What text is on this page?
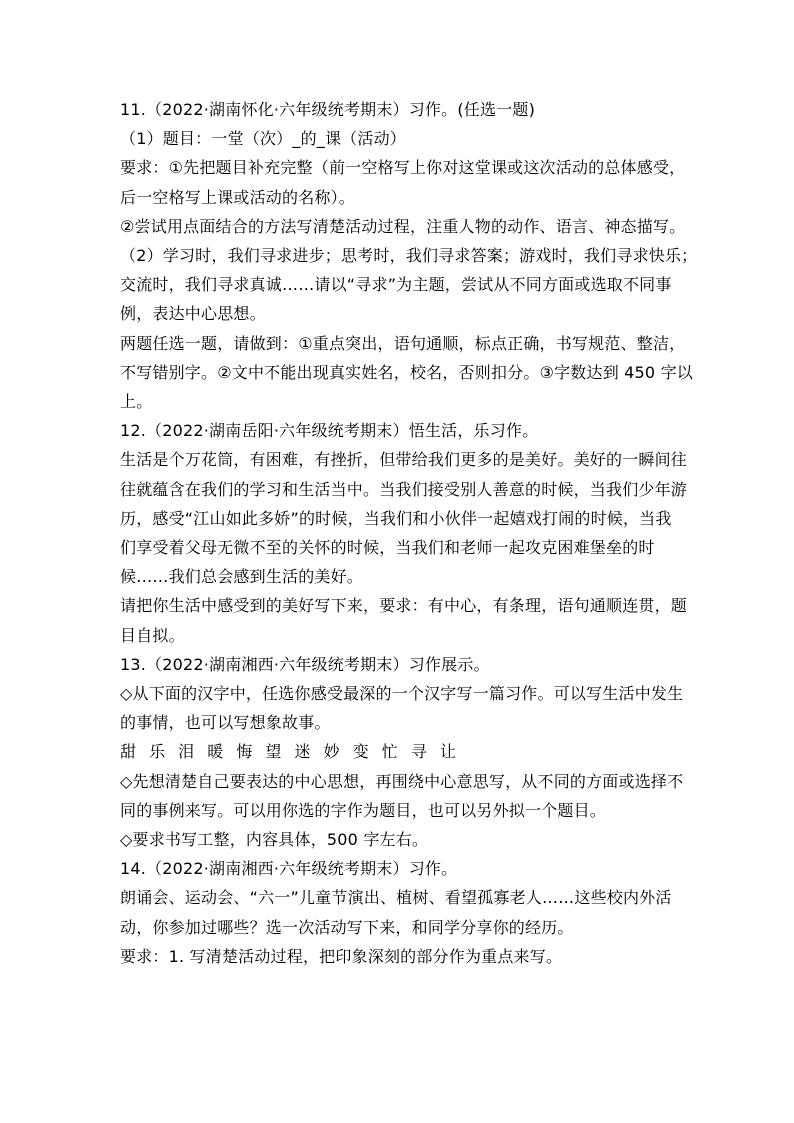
11.（2022·湖南怀化·六年级统考期末）习作。(任选一题)
（1）题目：一堂（次）_的_课（活动）
要求：①先把题目补充完整（前一空格写上你对这堂课或这次活动的总体感受，
后一空格写上课或活动的名称）。
②尝试用点面结合的方法写清楚活动过程，注重人物的动作、语言、神态描写。
（2）学习时，我们寻求进步；思考时，我们寻求答案；游戏时，我们寻求快乐；
交流时，我们寻求真诚……请以“寻求”为主题，尝试从不同方面或选取不同事
例，表达中心思想。
两题任选一题，请做到：①重点突出，语句通顺，标点正确，书写规范、整洁，
不写错别字。②文中不能出现真实姓名，校名，否则扣分。③字数达到 450 字以
上。
12.（2022·湖南岳阳·六年级统考期末）悟生活，乐习作。
生活是个万花筒，有困难，有挫折，但带给我们更多的是美好。美好的一瞬间往
往就蕴含在我们的学习和生活当中。当我们接受别人善意的时候，当我们少年游
历，感受“江山如此多娇”的时候，当我们和小伙伴一起嬉戏打闹的时候，当我
们享受着父母无微不至的关怀的时候，当我们和老师一起攻克困难堡垒的时
候……我们总会感到生活的美好。
请把你生活中感受到的美好写下来，要求：有中心，有条理，语句通顺连贯，题
目自拟。
13.（2022·湖南湘西·六年级统考期末）习作展示。
◇从下面的汉字中，任选你感受最深的一个汉字写一篇习作。可以写生活中发生
的事情，也可以写想象故事。
甜 乐 泪 暖 悔 望 迷 妙 变 忙 寻 让
◇先想清楚自己要表达的中心思想，再围绕中心意思写，从不同的方面或选择不
同的事例来写。可以用你选的字作为题目，也可以另外拟一个题目。
◇要求书写工整，内容具体，500 字左右。
14.（2022·湖南湘西·六年级统考期末）习作。
朗诵会、运动会、“六一”儿童节演出、植树、看望孤寡老人……这些校内外活
动，你参加过哪些？选一次活动写下来，和同学分享你的经历。
要求：1. 写清楚活动过程，把印象深刻的部分作为重点来写。
